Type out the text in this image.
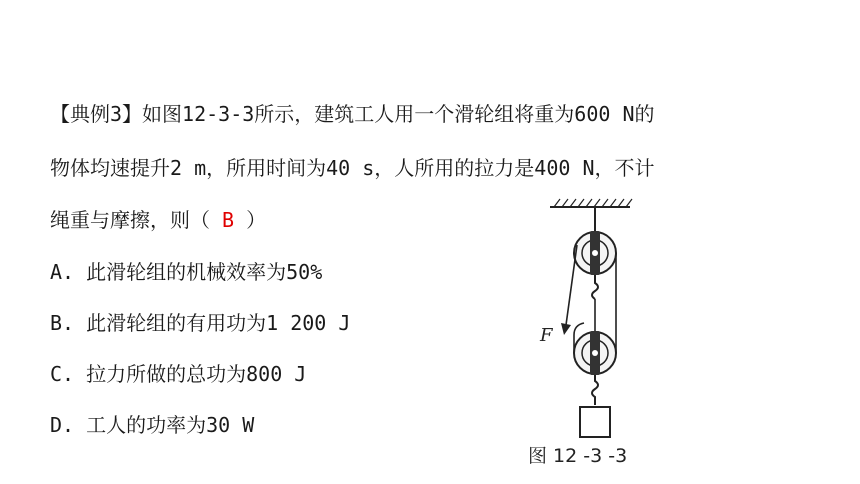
【典例3】如图12-3-3所示，建筑工人用一个滑轮组将重为600 N的
物体均速提升2 m，所用时间为40 s，人所用的拉力是400 N，不计
绳重与摩擦，则（ B ）
A. 此滑轮组的机械效率为50%
B. 此滑轮组的有用功为1 200 J
C. 拉力所做的总功为800 J
D. 工人的功率为30 W
F
图 12 -3 -3
